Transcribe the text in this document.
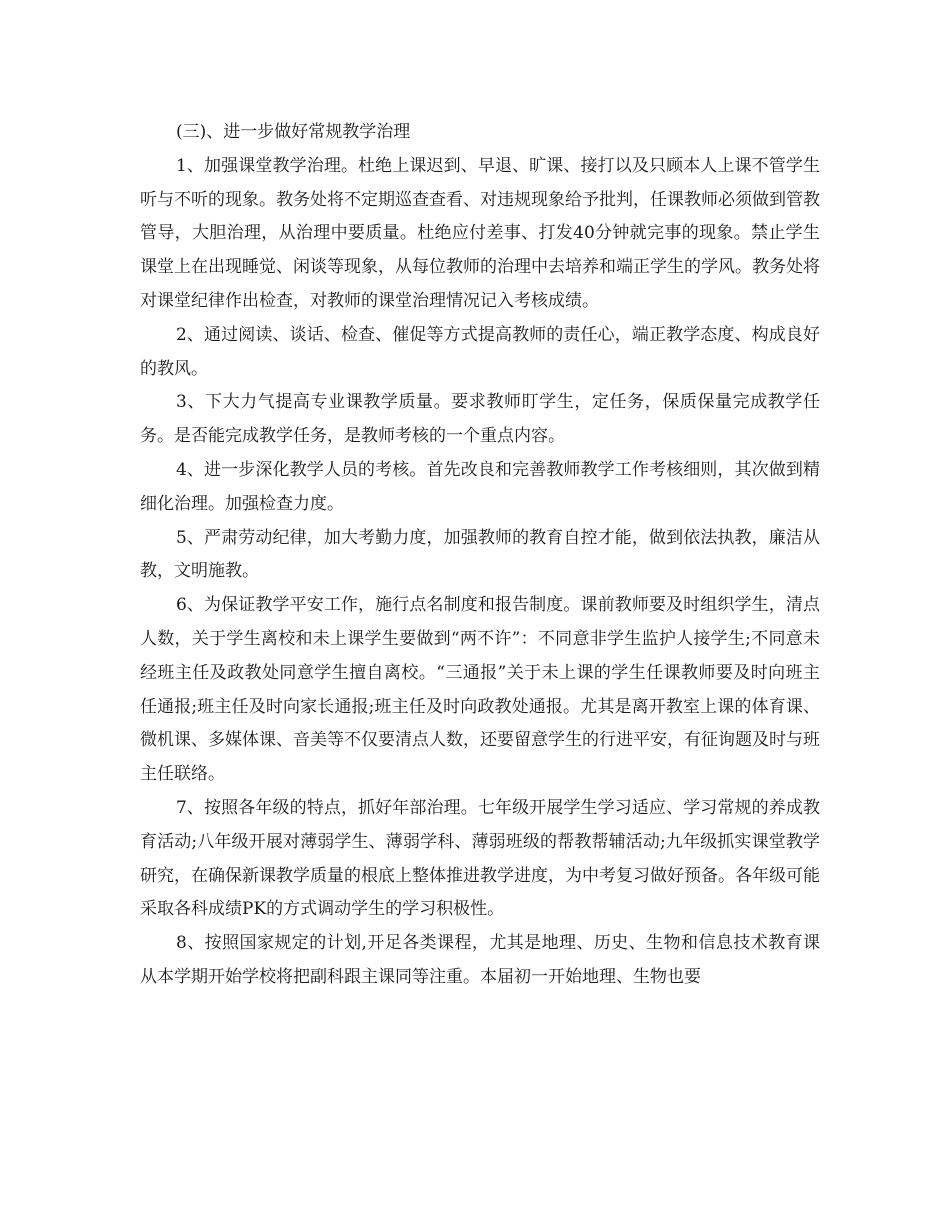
(三)、进一步做好常规教学治理

1、加强课堂教学治理。杜绝上课迟到、早退、旷课、接打以及只顾本人上课不管学生听与不听的现象。教务处将不定期巡查查看、对违规现象给予批判，任课教师必须做到管教管导，大胆治理，从治理中要质量。杜绝应付差事、打发40分钟就完事的现象。禁止学生课堂上在出现睡觉、闲谈等现象，从每位教师的治理中去培养和端正学生的学风。教务处将对课堂纪律作出检查，对教师的课堂治理情况记入考核成绩。

2、通过阅读、谈话、检查、催促等方式提高教师的责任心，端正教学态度、构成良好的教风。

3、下大力气提高专业课教学质量。要求教师盯学生，定任务，保质保量完成教学任务。是否能完成教学任务，是教师考核的一个重点内容。

4、进一步深化教学人员的考核。首先改良和完善教师教学工作考核细则，其次做到精细化治理。加强检查力度。

5、严肃劳动纪律，加大考勤力度，加强教师的教育自控才能，做到依法执教，廉洁从教，文明施教。

6、为保证教学平安工作，施行点名制度和报告制度。课前教师要及时组织学生，清点人数，关于学生离校和未上课学生要做到“两不许”：不同意非学生监护人接学生;不同意未经班主任及政教处同意学生擅自离校。“三通报”关于未上课的学生任课教师要及时向班主任通报;班主任及时向家长通报;班主任及时向政教处通报。尤其是离开教室上课的体育课、微机课、多媒体课、音美等不仅要清点人数，还要留意学生的行进平安，有征询题及时与班主任联络。

7、按照各年级的特点，抓好年部治理。七年级开展学生学习适应、学习常规的养成教育活动;八年级开展对薄弱学生、薄弱学科、薄弱班级的帮教帮辅活动;九年级抓实课堂教学研究，在确保新课教学质量的根底上整体推进教学进度，为中考复习做好预备。各年级可能采取各科成绩PK的方式调动学生的学习积极性。

8、按照国家规定的计划,开足各类课程，尤其是地理、历史、生物和信息技术教育课从本学期开始学校将把副科跟主课同等注重。本届初一开始地理、生物也要
